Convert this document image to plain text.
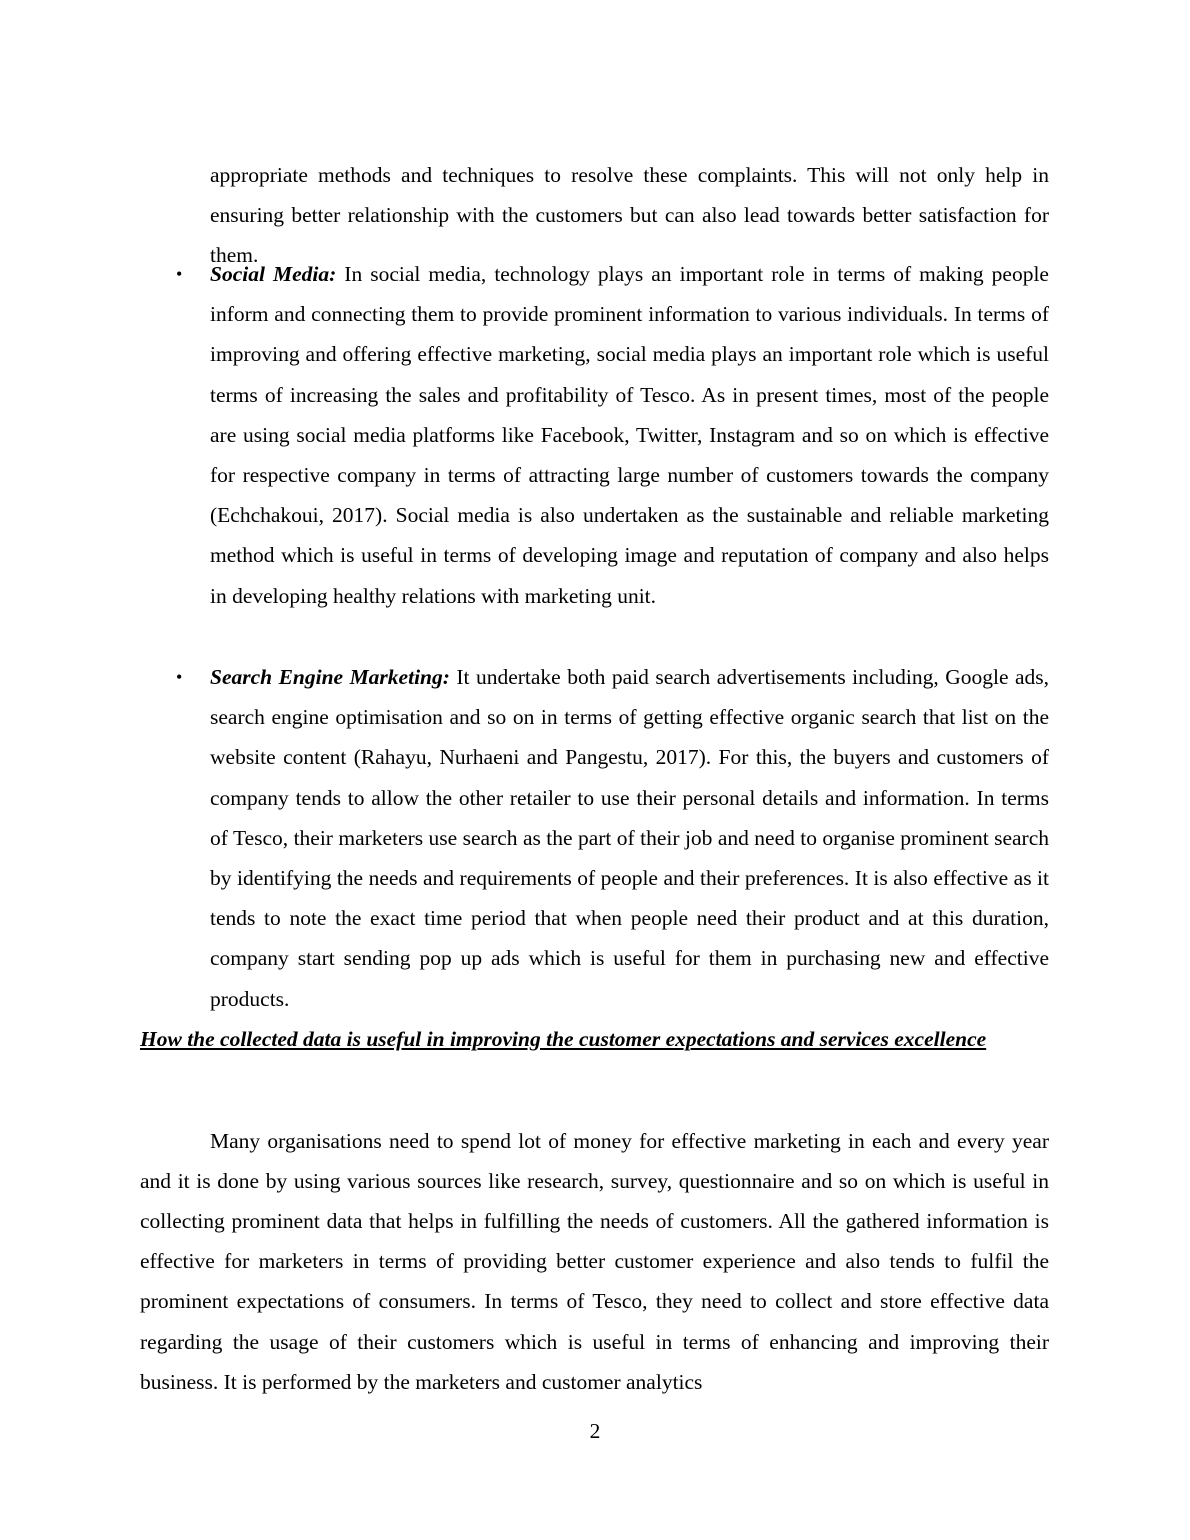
appropriate methods and techniques to resolve these complaints. This will not only help in ensuring better relationship with the customers but can also lead towards better satisfaction for them.

•	Social Media: In social media, technology plays an important role in terms of making people inform and connecting them to provide prominent information to various individuals. In terms of improving and offering effective marketing, social media plays an important role which is useful terms of increasing the sales and profitability of Tesco. As in present times, most of the people are using social media platforms like Facebook, Twitter, Instagram and so on which is effective for respective company in terms of attracting large number of customers towards the company (Echchakoui, 2017). Social media is also undertaken as the sustainable and reliable marketing method which is useful in terms of developing image and reputation of company and also helps in developing healthy relations with marketing unit.
•	Search Engine Marketing: It undertake both paid search advertisements including, Google ads, search engine optimisation and so on in terms of getting effective organic search that list on the website content (Rahayu, Nurhaeni and Pangestu, 2017). For this, the buyers and customers of company tends to allow the other retailer to use their personal details and information. In terms of Tesco, their marketers use search as the part of their job and need to organise prominent search by identifying the needs and requirements of people and their preferences. It is also effective as it tends to note the exact time period that when people need their product and at this duration, company start sending pop up ads which is useful for them in purchasing new and effective products.
How the collected data is useful in improving the customer expectations and services excellence

Many organisations need to spend lot of money for effective marketing in each and every year and it is done by using various sources like research, survey, questionnaire and so on which is useful in collecting prominent data that helps in fulfilling the needs of customers. All the gathered information is effective for marketers in terms of providing better customer experience and also tends to fulfil the prominent expectations of consumers. In terms of Tesco, they need to collect and store effective data regarding the usage of their customers which is useful in terms of enhancing and improving their business. It is performed by the marketers and customer analytics

2
